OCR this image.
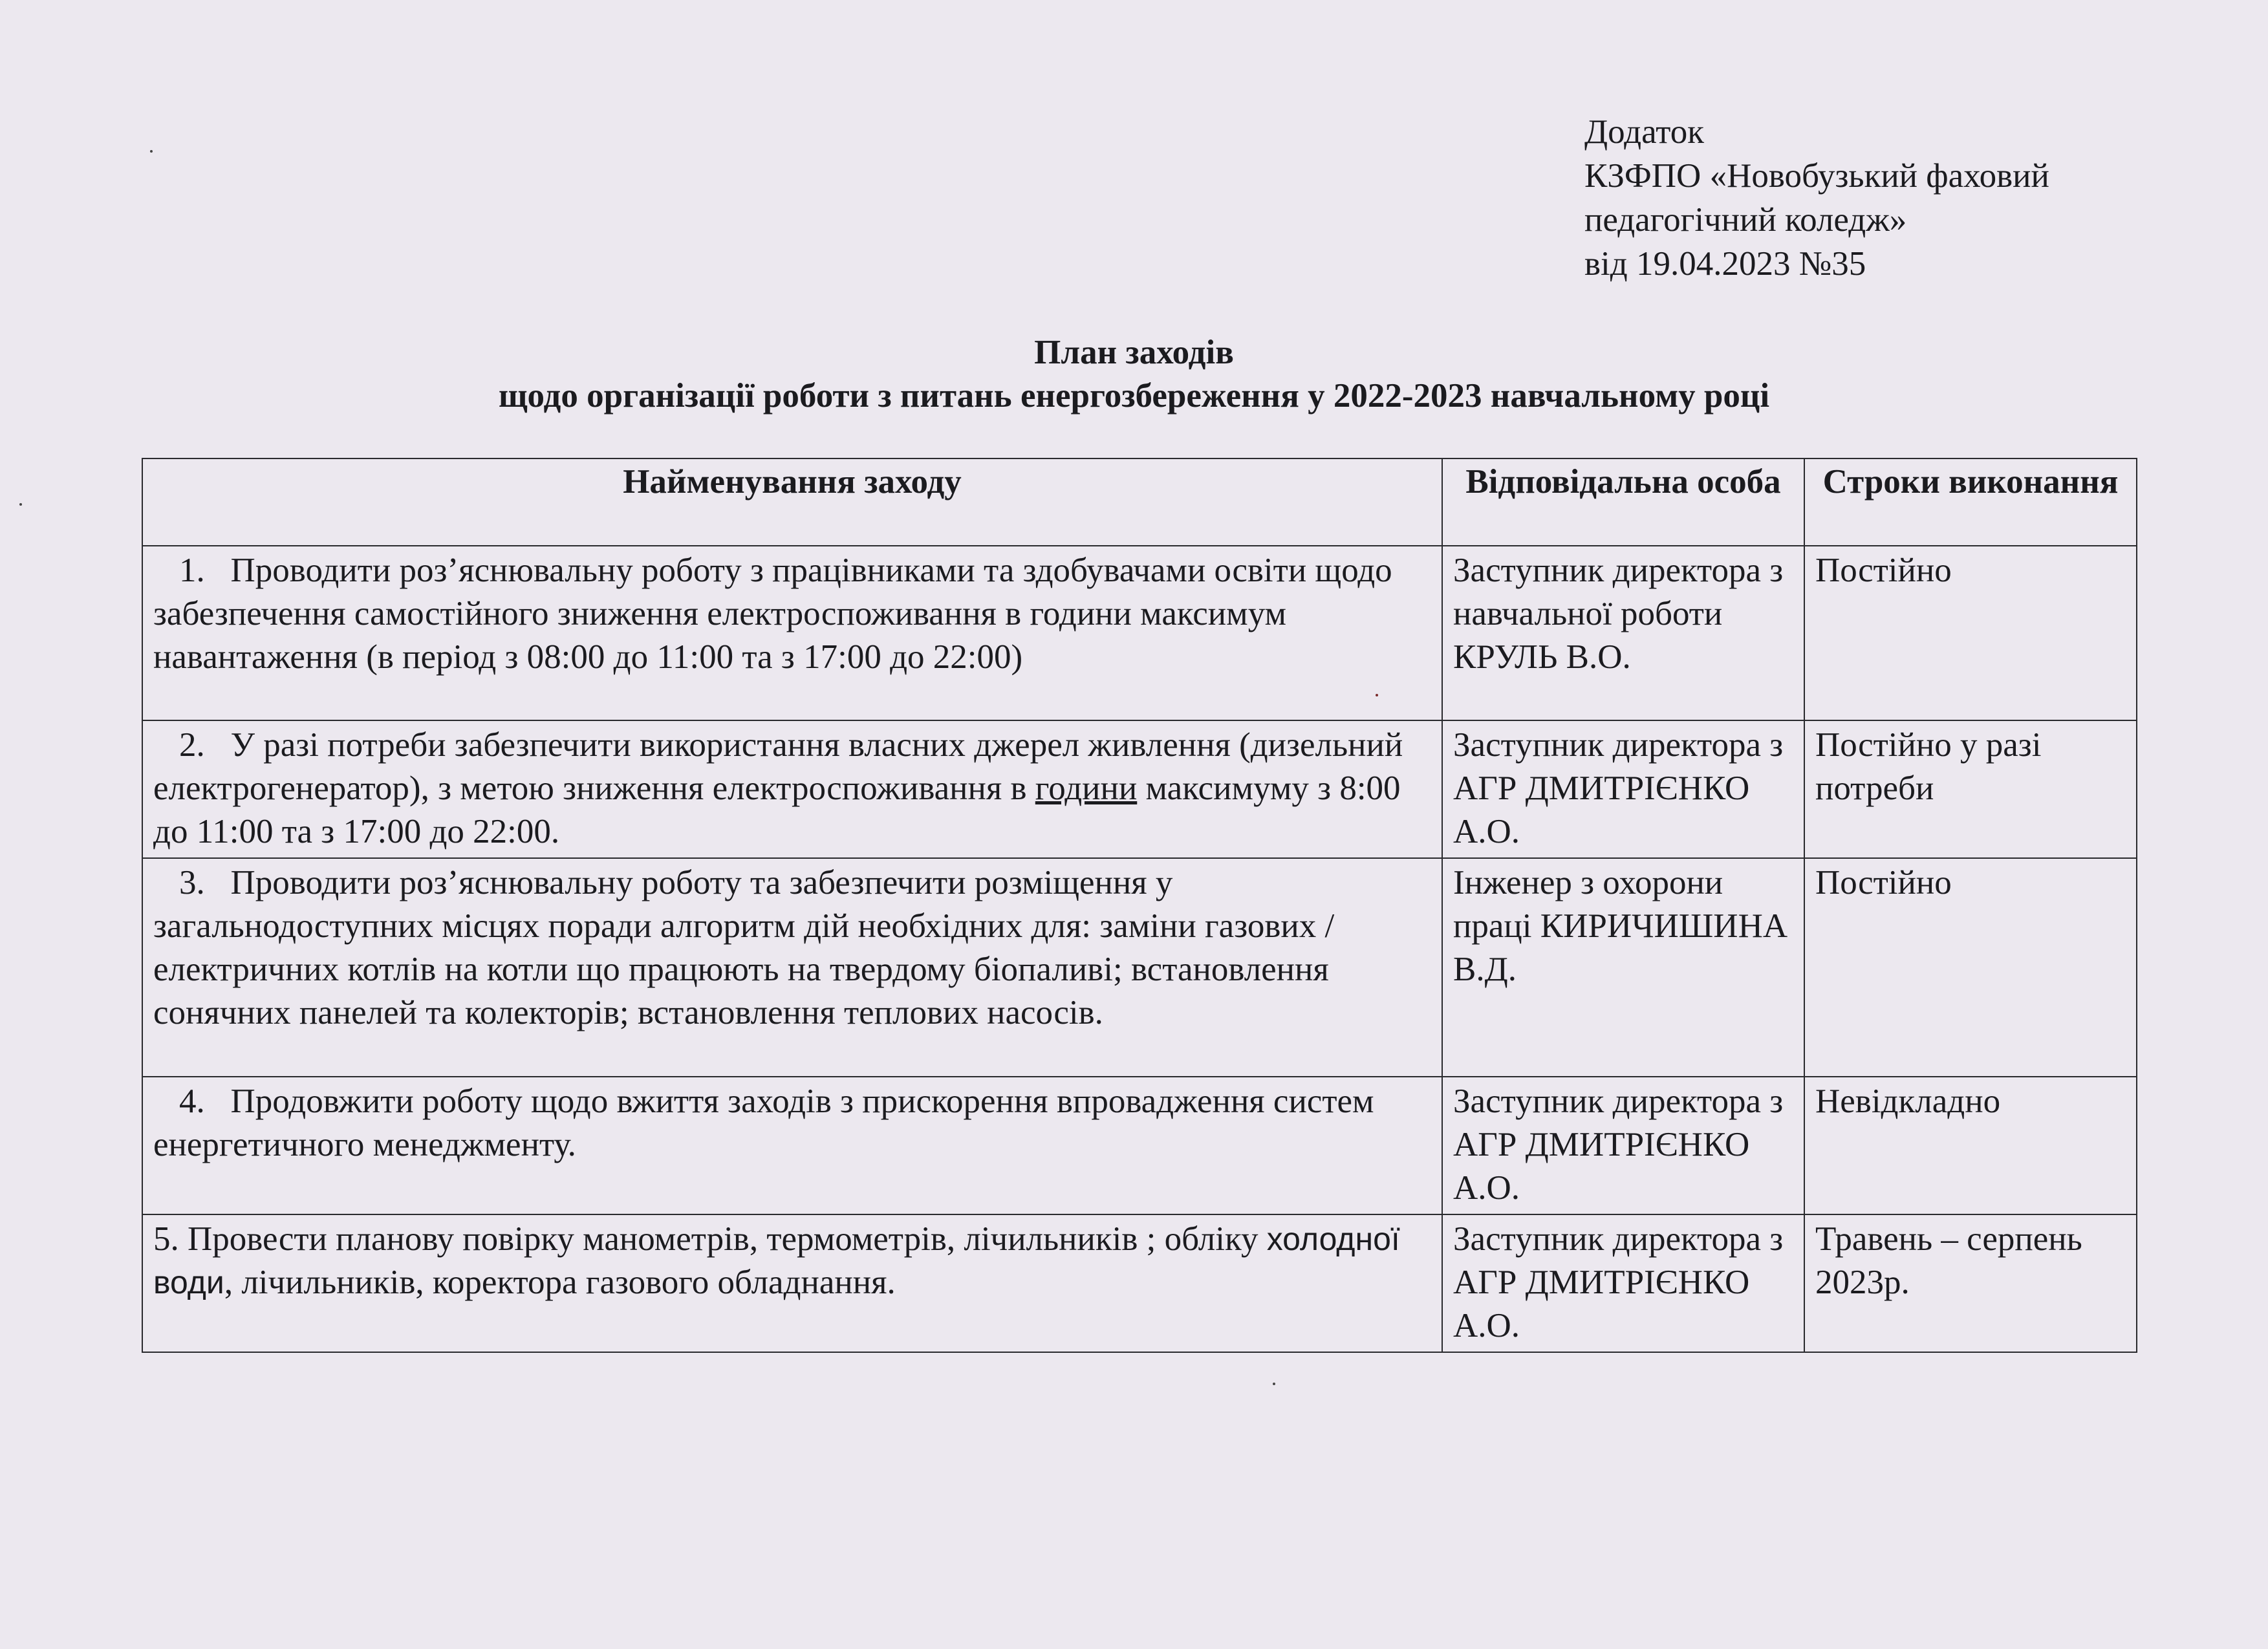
Додаток
КЗФПО «Новобузький фаховий
педагогічний коледж»
від 19.04.2023 №35
План заходів
щодо організації роботи з питань енергозбереження у 2022-2023 навчальному році
Найменування заходу	Відповідальна особа	Строки виконання
1. Проводити роз’яснювальну роботу з працівниками та здобувачами освіти щодо забезпечення самостійного зниження електроспоживання в години максимум навантаження (в період з 08:00 до 11:00 та з 17:00 до 22:00)	Заступник директора з навчальної роботи КРУЛЬ В.О.	Постійно
2. У разі потреби забезпечити використання власних джерел живлення (дизельний електрогенератор), з метою зниження електроспоживання в години максимуму з 8:00 до 11:00 та з 17:00 до 22:00.	Заступник директора з АГР ДМИТРІЄНКО А.О.	Постійно у разі потреби
3. Проводити роз’яснювальну роботу та забезпечити розміщення у загальнодоступних місцях поради алгоритм дій необхідних для: заміни газових / електричних котлів на котли що працюють на твердому біопаливі; встановлення сонячних панелей та колекторів; встановлення теплових насосів.	Інженер з охорони праці КИРИЧИШИНА В.Д.	Постійно
4. Продовжити роботу щодо вжиття заходів з прискорення впровадження систем енергетичного менеджменту.	Заступник директора з АГР ДМИТРІЄНКО А.О.	Невідкладно
5. Провести планову повірку манометрів, термометрів, лічильників ; обліку холодної води, лічильників, коректора газового обладнання.	Заступник директора з АГР ДМИТРІЄНКО А.О.	Травень – серпень 2023р.
